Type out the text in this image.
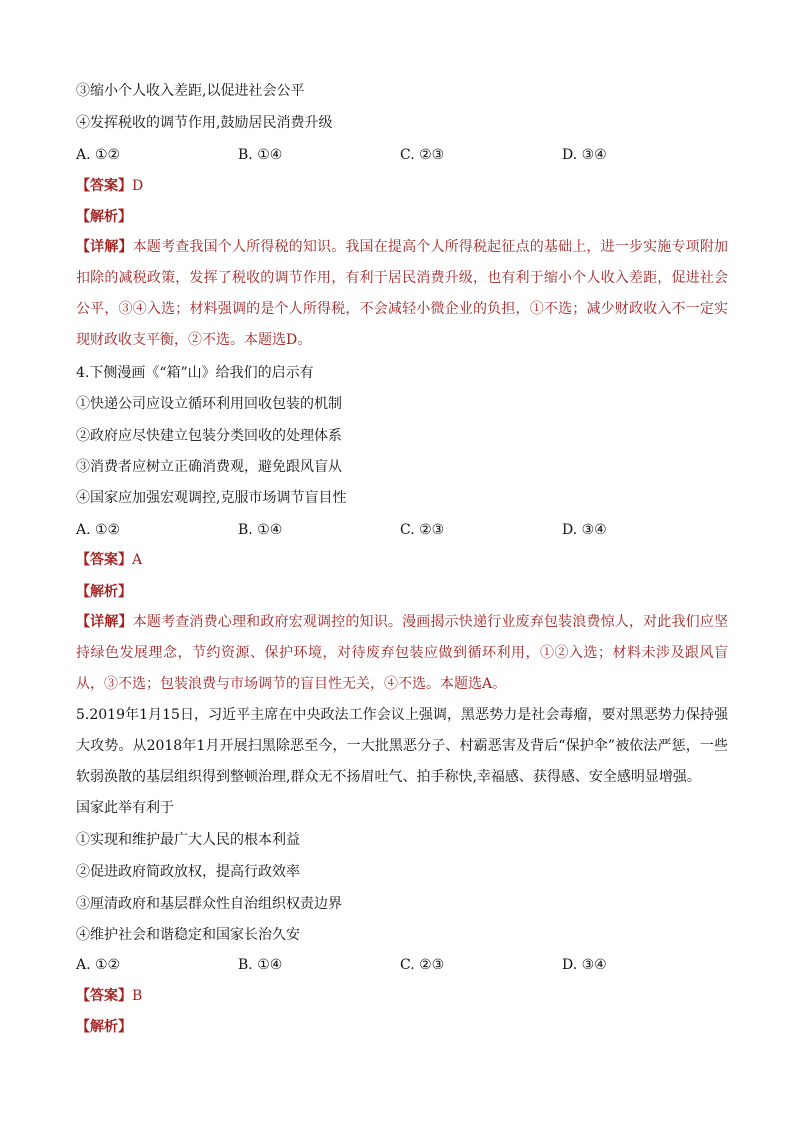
③缩小个人收入差距,以促进社会公平
④发挥税收的调节作用,鼓励居民消费升级
A. ①②	B. ①④	C. ②③	D. ③④
【答案】D
【解析】
【详解】本题考查我国个人所得税的知识。我国在提高个人所得税起征点的基础上，进一步实施专项附加扣除的减税政策，发挥了税收的调节作用，有利于居民消费升级，也有利于缩小个人收入差距，促进社会公平，③④入选；材料强调的是个人所得税，不会减轻小微企业的负担，①不选；减少财政收入不一定实现财政收支平衡，②不选。本题选D。
4.下侧漫画《“箱”山》给我们的启示有
①快递公司应设立循环利用回收包装的机制
②政府应尽快建立包装分类回收的处理体系
③消费者应树立正确消费观，避免跟风盲从
④国家应加强宏观调控,克服市场调节盲目性
A. ①②	B. ①④	C. ②③	D. ③④
【答案】A
【解析】
【详解】本题考查消费心理和政府宏观调控的知识。漫画揭示快递行业废弃包装浪费惊人，对此我们应坚持绿色发展理念，节约资源、保护环境，对待废弃包装应做到循环利用，①②入选；材料未涉及跟风盲从，③不选；包装浪费与市场调节的盲目性无关，④不选。本题选A。
5.2019年1月15日，习近平主席在中央政法工作会议上强调，黑恶势力是社会毒瘤，要对黑恶势力保持强大攻势。从2018年1月开展扫黑除恶至今，一大批黑恶分子、村霸恶害及背后“保护伞”被依法严惩，一些软弱涣散的基层组织得到整顿治理,群众无不扬眉吐气、拍手称快,幸福感、获得感、安全感明显增强。
国家此举有利于
①实现和维护最广大人民的根本利益
②促进政府简政放权，提高行政效率
③厘清政府和基层群众性自治组织权责边界
④维护社会和谐稳定和国家长治久安
A. ①②	B. ①④	C. ②③	D. ③④
【答案】B
【解析】
